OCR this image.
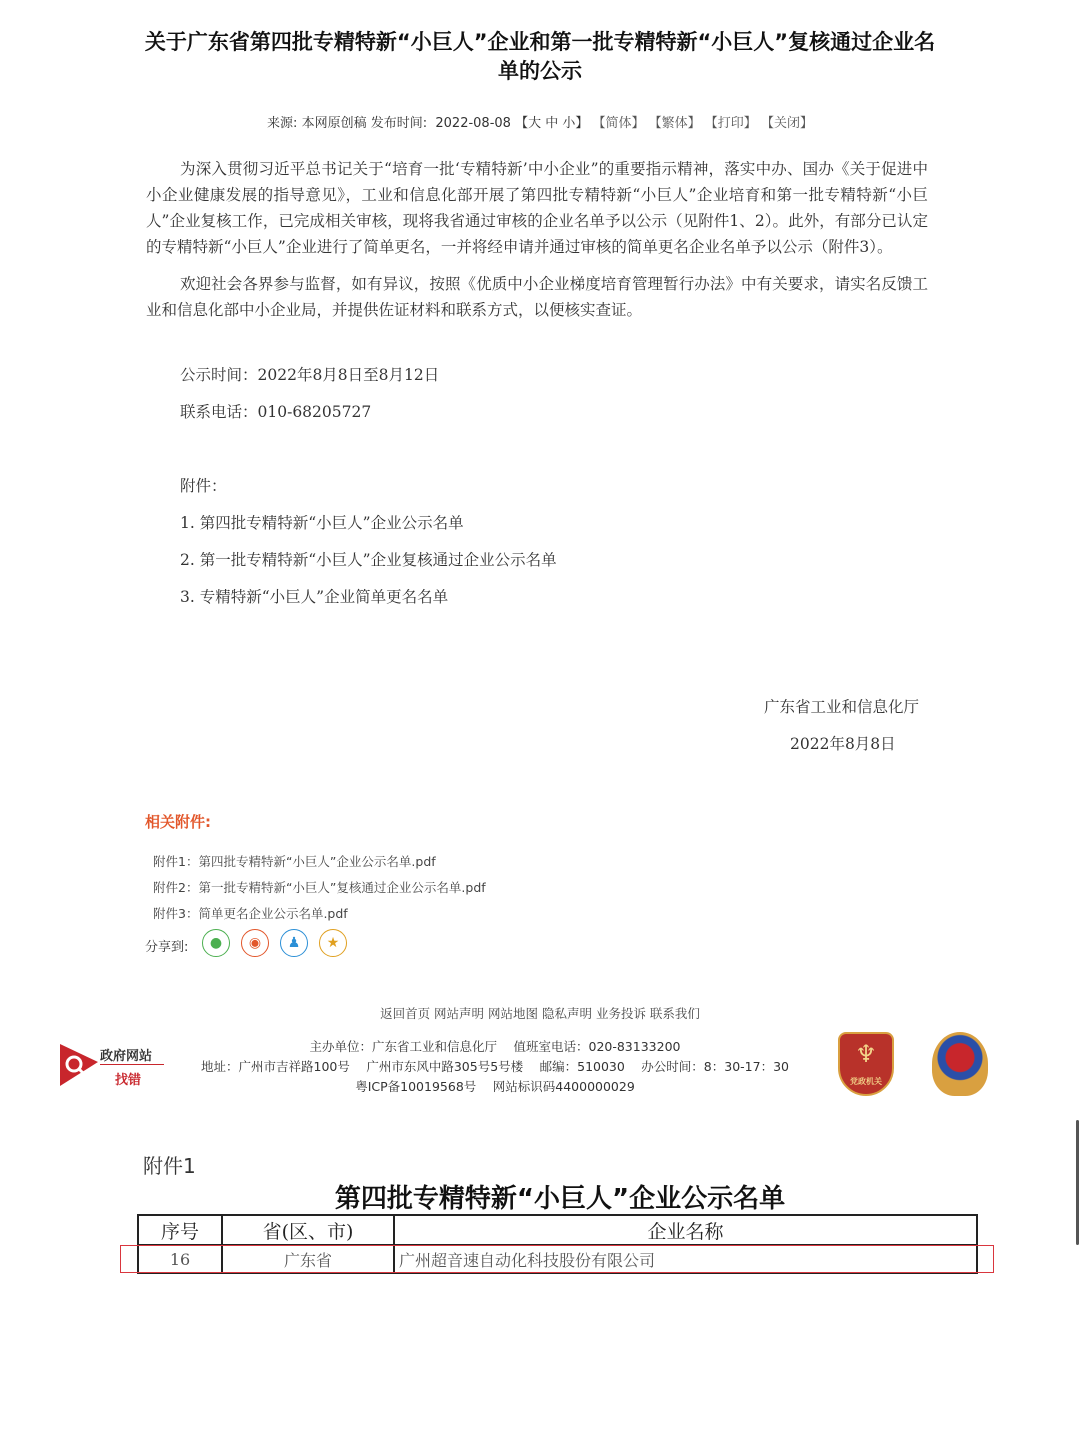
关于广东省第四批专精特新“小巨人”企业和第一批专精特新“小巨人”复核通过企业名单的公示
来源: 本网原创稿 发布时间: 2022-08-08 【大 中 小】 【简体】 【繁体】 【打印】 【关闭】

为深入贯彻习近平总书记关于“培育一批‘专精特新’中小企业”的重要指示精神，落实中办、国办《关于促进中小企业健康发展的指导意见》，工业和信息化部开展了第四批专精特新“小巨人”企业培育和第一批专精特新“小巨人”企业复核工作，已完成相关审核，现将我省通过审核的企业名单予以公示（见附件1、2）。此外，有部分已认定的专精特新“小巨人”企业进行了简单更名，一并将经申请并通过审核的简单更名企业名单予以公示（附件3）。

欢迎社会各界参与监督，如有异议，按照《优质中小企业梯度培育管理暂行办法》中有关要求，请实名反馈工业和信息化部中小企业局，并提供佐证材料和联系方式，以便核实查证。

公示时间：2022年8月8日至8月12日
联系电话：010-68205727
附件：
1. 第四批专精特新“小巨人”企业公示名单
2. 第一批专精特新“小巨人”企业复核通过企业公示名单
3. 专精特新“小巨人”企业简单更名名单
广东省工业和信息化厅
2022年8月8日
相关附件:
附件1：第四批专精特新“小巨人”企业公示名单.pdf
附件2：第一批专精特新“小巨人”复核通过企业公示名单.pdf
附件3：简单更名企业公示名单.pdf
分享到:	●	◉	♟	★
返回首页 网站声明 网站地图 隐私声明 业务投诉 联系我们
政府网站
找错
主办单位：广东省工业和信息化厅　 值班室电话：020-83133200
地址：广州市吉祥路100号　 广州市东风中路305号5号楼　 邮编：510030　 办公时间：8：30-17：30
粤ICP备10019568号　 网站标识码4400000029
♆
党政机关
附件1
第四批专精特新“小巨人”企业公示名单
序号	省(区、市)	企业名称
16	广东省	广州超音速自动化科技股份有限公司
